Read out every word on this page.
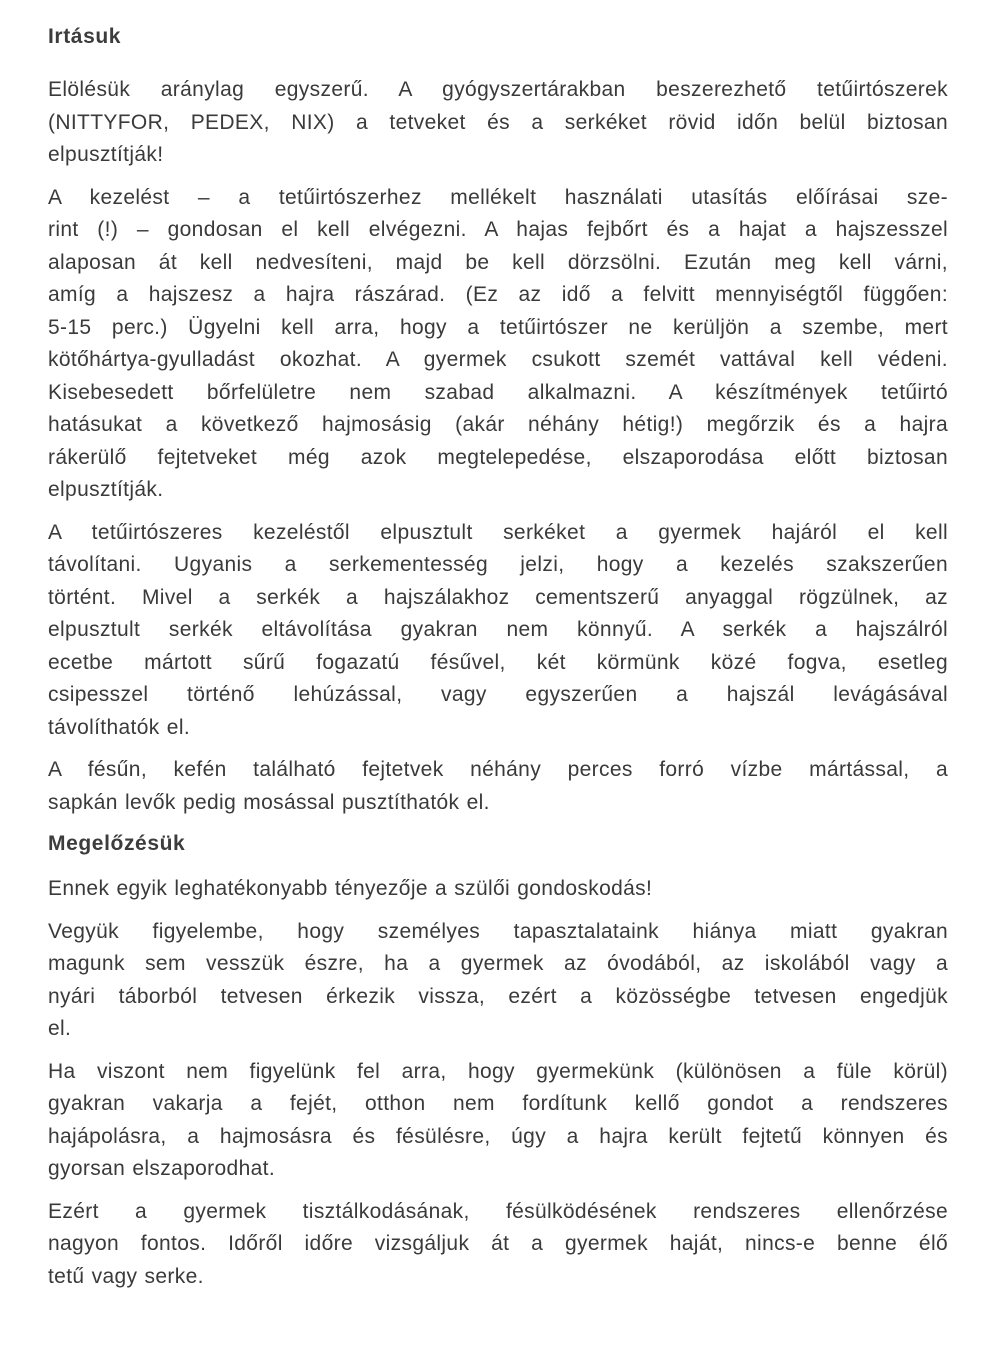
Irtásuk
Elölésük aránylag egyszerű. A gyógyszertárakban beszerezhető tetűirtószerek
(NITTYFOR, PEDEX, NIX) a tetveket és a serkéket rövid időn belül biztosan
elpusztítják!
A kezelést – a tetűirtószerhez mellékelt használati utasítás előírásai sze-
rint (!) – gondosan el kell elvégezni. A hajas fejbőrt és a hajat a hajszesszel
alaposan át kell nedvesíteni, majd be kell dörzsölni. Ezután meg kell várni,
amíg a hajszesz a hajra rászárad. (Ez az idő a felvitt mennyiségtől függően:
5-15 perc.) Ügyelni kell arra, hogy a tetűirtószer ne kerüljön a szembe, mert
kötőhártya-gyulladást okozhat. A gyermek csukott szemét vattával kell védeni.
Kisebesedett bőrfelületre nem szabad alkalmazni. A készítmények tetűirtó
hatásukat a következő hajmosásig (akár néhány hétig!) megőrzik és a hajra
rákerülő fejtetveket még azok megtelepedése, elszaporodása előtt biztosan
elpusztítják.
A tetűirtószeres kezeléstől elpusztult serkéket a gyermek hajáról el kell
távolítani. Ugyanis a serkementesség jelzi, hogy a kezelés szakszerűen
történt. Mivel a serkék a hajszálakhoz cementszerű anyaggal rögzülnek, az
elpusztult serkék eltávolítása gyakran nem könnyű. A serkék a hajszálról
ecetbe mártott sűrű fogazatú fésűvel, két körmünk közé fogva, esetleg
csipesszel történő lehúzással, vagy egyszerűen a hajszál levágásával
távolíthatók el.
A fésűn, kefén található fejtetvek néhány perces forró vízbe mártással, a
sapkán levők pedig mosással pusztíthatók el.
Megelőzésük
Ennek egyik leghatékonyabb tényezője a szülői gondoskodás!
Vegyük figyelembe, hogy személyes tapasztalataink hiánya miatt gyakran
magunk sem vesszük észre, ha a gyermek az óvodából, az iskolából vagy a
nyári táborból tetvesen érkezik vissza, ezért a közösségbe tetvesen engedjük
el.
Ha viszont nem figyelünk fel arra, hogy gyermekünk (különösen a füle körül)
gyakran vakarja a fejét, otthon nem fordítunk kellő gondot a rendszeres
hajápolásra, a hajmosásra és fésülésre, úgy a hajra került fejtetű könnyen és
gyorsan elszaporodhat.
Ezért a gyermek tisztálkodásának, fésülködésének rendszeres ellenőrzése
nagyon fontos. Időről időre vizsgáljuk át a gyermek haját, nincs-e benne élő
tetű vagy serke.
